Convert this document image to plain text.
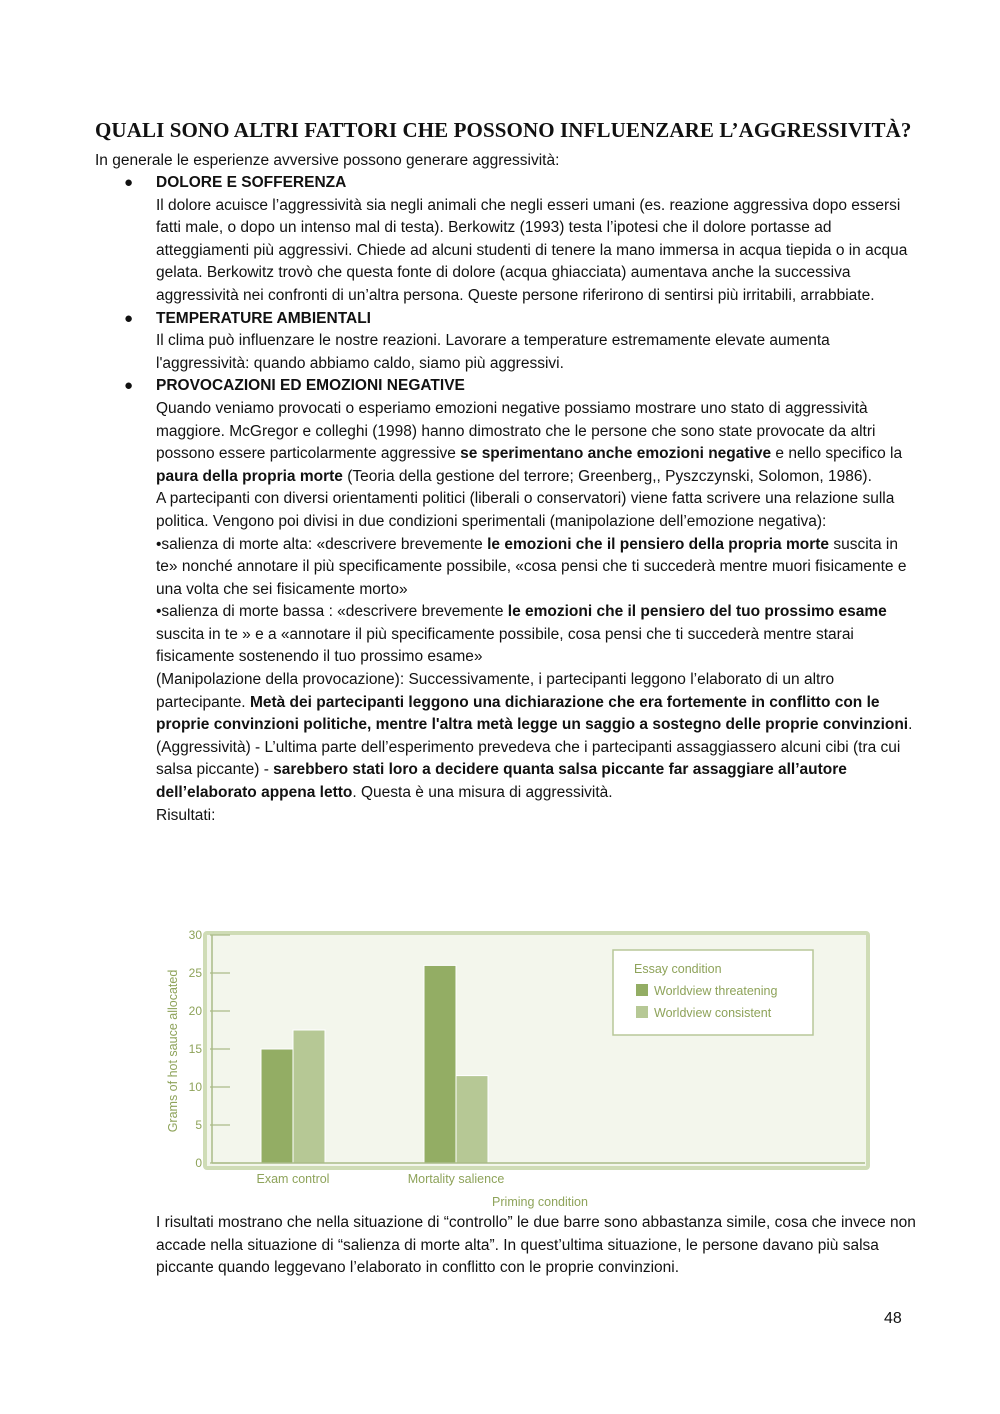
QUALI SONO ALTRI FATTORI CHE POSSONO INFLUENZARE L’AGGRESSIVITÀ?
In generale le esperienze avversive possono generare aggressività:
● DOLORE E SOFFERENZA

Il dolore acuisce l’aggressività sia negli animali che negli esseri umani (es. reazione aggressiva dopo essersi fatti male, o dopo un intenso mal di testa). Berkowitz (1993) testa l’ipotesi che il dolore portasse ad atteggiamenti più aggressivi. Chiede ad alcuni studenti di tenere la mano immersa in acqua tiepida o in acqua gelata. Berkowitz trovò che questa fonte di dolore (acqua ghiacciata) aumentava anche la successiva aggressività nei confronti di un’altra persona. Queste persone riferirono di sentirsi più irritabili, arrabbiate.

● TEMPERATURE AMBIENTALI

Il clima può influenzare le nostre reazioni. Lavorare a temperature estremamente elevate aumenta l'aggressività: quando abbiamo caldo, siamo più aggressivi.

● PROVOCAZIONI ED EMOZIONI NEGATIVE

Quando veniamo provocati o esperiamo emozioni negative possiamo mostrare uno stato di aggressività maggiore. McGregor e colleghi (1998) hanno dimostrato che le persone che sono state provocate da altri possono essere particolarmente aggressive se sperimentano anche emozioni negative e nello specifico la paura della propria morte (Teoria della gestione del terrore; Greenberg,, Pyszczynski, Solomon, 1986).

A partecipanti con diversi orientamenti politici (liberali o conservatori) viene fatta scrivere una relazione sulla politica. Vengono poi divisi in due condizioni sperimentali (manipolazione dell’emozione negativa):

•salienza di morte alta: «descrivere brevemente le emozioni che il pensiero della propria morte suscita in te» nonché annotare il più specificamente possibile, «cosa pensi che ti succederà mentre muori fisicamente e una volta che sei fisicamente morto»

•salienza di morte bassa : «descrivere brevemente le emozioni che il pensiero del tuo prossimo esame suscita in te » e a «annotare il più specificamente possibile, cosa pensi che ti succederà mentre starai fisicamente sostenendo il tuo prossimo esame»

(Manipolazione della provocazione): Successivamente, i partecipanti leggono l’elaborato di un altro partecipante. Metà dei partecipanti leggono una dichiarazione che era fortemente in conflitto con le proprie convinzioni politiche, mentre l'altra metà legge un saggio a sostegno delle proprie convinzioni.

(Aggressività) - L’ultima parte dell’esperimento prevedeva che i partecipanti assaggiassero alcuni cibi (tra cui salsa piccante) - sarebbero stati loro a decidere quanta salsa piccante far assaggiare all’autore dell’elaborato appena letto. Questa è una misura di aggressività.

Risultati:

0
5
10
15
20
25
30
Exam control	Mortality salience
Priming condition
Grams of hot sauce allocated
Essay condition
Worldview threatening
Worldview consistent
I risultati mostrano che nella situazione di “controllo” le due barre sono abbastanza simile, cosa che invece non accade nella situazione di “salienza di morte alta”. In quest’ultima situazione, le persone davano più salsa piccante quando leggevano l’elaborato in conflitto con le proprie convinzioni.
48
